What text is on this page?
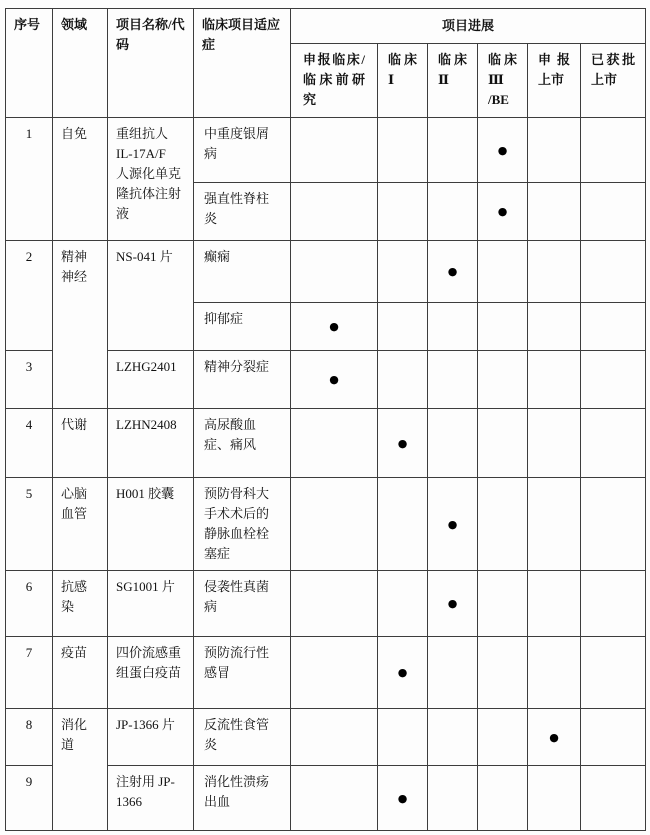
序号	领域	项目名称/代码	临床项目适应症	项目进展					
				申报临床/临床前研究	临床 Ⅰ	临床 Ⅱ	临床 Ⅲ /BE	申报 上市	已获批 上市
1	自免	重组抗人 IL-17A/F 人源化单克隆抗体注射液	中重度银屑病				●		
			强直性脊柱炎				●		
2	精神神经	NS-041 片	癫痫			●			
			抑郁症	●					
3		LZHG2401	精神分裂症	●					
4	代谢	LZHN2408	高尿酸血症、痛风		●				
5	心脑血管	H001 胶囊	预防骨科大手术术后的静脉血栓栓塞症			●			
6	抗感染	SG1001 片	侵袭性真菌病			●			
7	疫苗	四价流感重组蛋白疫苗	预防流行性感冒		●				
8	消化道	JP-1366 片	反流性食管炎					●	
9		注射用 JP-1366	消化性溃疡出血		●				
